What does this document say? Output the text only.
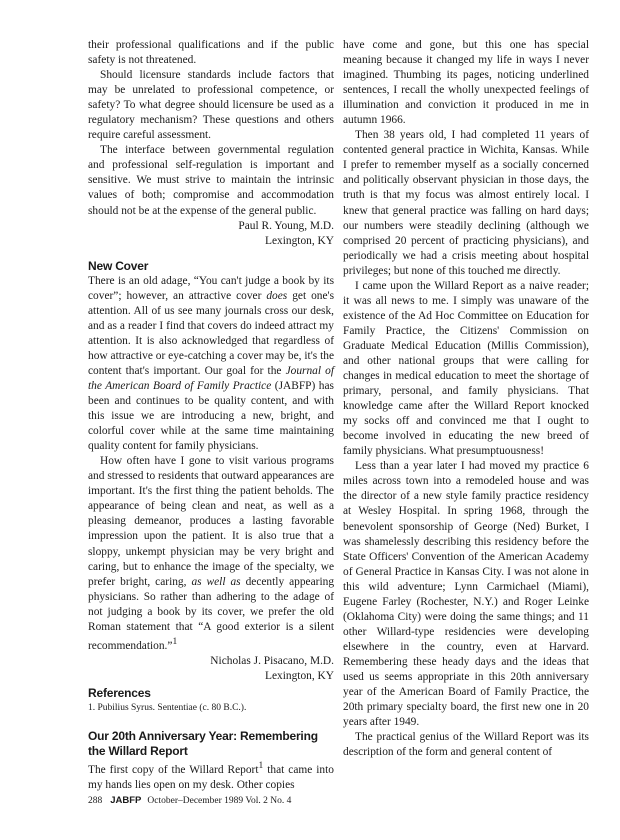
their professional qualifications and if the public safety is not threatened.

Should licensure standards include factors that may be unrelated to professional competence, or safety? To what degree should licensure be used as a regulatory mechanism? These questions and others require careful assessment.

The interface between governmental regulation and professional self-regulation is important and sensitive. We must strive to maintain the intrinsic values of both; compromise and accommodation should not be at the expense of the general public.

Paul R. Young, M.D.

Lexington, KY

New Cover

There is an old adage, “You can't judge a book by its cover”; however, an attractive cover does get one's attention. All of us see many journals cross our desk, and as a reader I find that covers do indeed attract my attention. It is also acknowledged that regardless of how attractive or eye-catching a cover may be, it's the content that's important. Our goal for the Journal of the American Board of Family Practice (JABFP) has been and continues to be quality content, and with this issue we are introducing a new, bright, and colorful cover while at the same time maintaining quality content for family physicians.

How often have I gone to visit various programs and stressed to residents that outward appearances are important. It's the first thing the patient beholds. The appearance of being clean and neat, as well as a pleasing demeanor, produces a lasting favorable impression upon the patient. It is also true that a sloppy, unkempt physician may be very bright and caring, but to enhance the image of the specialty, we prefer bright, caring, as well as decently appearing physicians. So rather than adhering to the adage of not judging a book by its cover, we prefer the old Roman statement that “A good exterior is a silent recommendation.”$^1$

Nicholas J. Pisacano, M.D.

Lexington, KY

References

1. Pubilius Syrus. Sententiae (c. 80 B.C.).

Our 20th Anniversary Year: Remembering the Willard Report

The first copy of the Willard Report$^1$ that came into my hands lies open on my desk. Other copies

have come and gone, but this one has special meaning because it changed my life in ways I never imagined. Thumbing its pages, noticing underlined sentences, I recall the wholly unexpected feelings of illumination and conviction it produced in me in autumn 1966.

Then 38 years old, I had completed 11 years of contented general practice in Wichita, Kansas. While I prefer to remember myself as a socially concerned and politically observant physician in those days, the truth is that my focus was almost entirely local. I knew that general practice was falling on hard days; our numbers were steadily declining (although we comprised 20 percent of practicing physicians), and periodically we had a crisis meeting about hospital privileges; but none of this touched me directly.

I came upon the Willard Report as a naive reader; it was all news to me. I simply was unaware of the existence of the Ad Hoc Committee on Education for Family Practice, the Citizens' Commission on Graduate Medical Education (Millis Commission), and other national groups that were calling for changes in medical education to meet the shortage of primary, personal, and family physicians. That knowledge came after the Willard Report knocked my socks off and convinced me that I ought to become involved in educating the new breed of family physicians. What presumptuousness!

Less than a year later I had moved my practice 6 miles across town into a remodeled house and was the director of a new style family practice residency at Wesley Hospital. In spring 1968, through the benevolent sponsorship of George (Ned) Burket, I was shamelessly describing this residency before the State Officers' Convention of the American Academy of General Practice in Kansas City. I was not alone in this wild adventure; Lynn Carmichael (Miami), Eugene Farley (Rochester, N.Y.) and Roger Leinke (Oklahoma City) were doing the same things; and 11 other Willard-type residencies were developing elsewhere in the country, even at Harvard. Remembering these heady days and the ideas that used us seems appropriate in this 20th anniversary year of the American Board of Family Practice, the 20th primary specialty board, the first new one in 20 years after 1949.

The practical genius of the Willard Report was its description of the form and general content of

288 JABFP October–December 1989 Vol. 2 No. 4
